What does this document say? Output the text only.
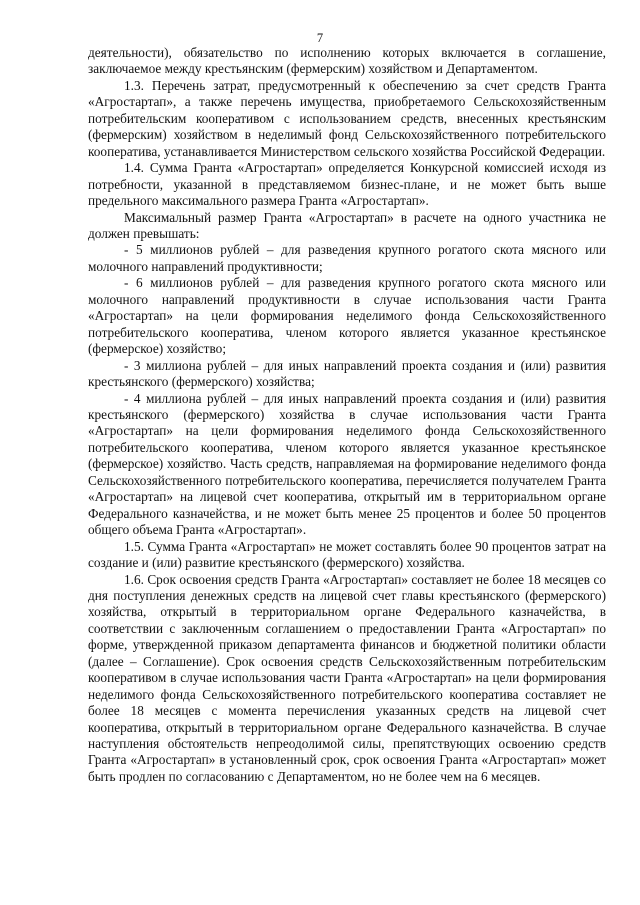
7

деятельности), обязательство по исполнению которых включается в соглашение, заключаемое между крестьянским (фермерским) хозяйством и Департаментом.

1.3. Перечень затрат, предусмотренный к обеспечению за счет средств Гранта «Агростартап», а также перечень имущества, приобретаемого Сельскохозяйственным потребительским кооперативом с использованием средств, внесенных крестьянским (фермерским) хозяйством в неделимый фонд Сельскохозяйственного потребительского кооператива, устанавливается Министерством сельского хозяйства Российской Федерации.

1.4. Сумма Гранта «Агростартап» определяется Конкурсной комиссией исходя из потребности, указанной в представляемом бизнес-плане, и не может быть выше предельного максимального размера Гранта «Агростартап».

Максимальный размер Гранта «Агростартап» в расчете на одного участника не должен превышать:

- 5 миллионов рублей – для разведения крупного рогатого скота мясного или молочного направлений продуктивности;

- 6 миллионов рублей – для разведения крупного рогатого скота мясного или молочного направлений продуктивности в случае использования части Гранта «Агростартап» на цели формирования неделимого фонда Сельскохозяйственного потребительского кооператива, членом которого является указанное крестьянское (фермерское) хозяйство;

- 3 миллиона рублей – для иных направлений проекта создания и (или) развития крестьянского (фермерского) хозяйства;

- 4 миллиона рублей – для иных направлений проекта создания и (или) развития крестьянского (фермерского) хозяйства в случае использования части Гранта «Агростартап» на цели формирования неделимого фонда Сельскохозяйственного потребительского кооператива, членом которого является указанное крестьянское (фермерское) хозяйство. Часть средств, направляемая на формирование неделимого фонда Сельскохозяйственного потребительского кооператива, перечисляется получателем Гранта «Агростартап» на лицевой счет кооператива, открытый им в территориальном органе Федерального казначейства, и не может быть менее 25 процентов и более 50 процентов общего объема Гранта «Агростартап».

1.5. Сумма Гранта «Агростартап» не может составлять более 90 процентов затрат на создание и (или) развитие крестьянского (фермерского) хозяйства.

1.6. Срок освоения средств Гранта «Агростартап» составляет не более 18 месяцев со дня поступления денежных средств на лицевой счет главы крестьянского (фермерского) хозяйства, открытый в территориальном органе Федерального казначейства, в соответствии с заключенным соглашением о предоставлении Гранта «Агростартап» по форме, утвержденной приказом департамента финансов и бюджетной политики области (далее – Соглашение). Срок освоения средств Сельскохозяйственным потребительским кооперативом в случае использования части Гранта «Агростартап» на цели формирования неделимого фонда Сельскохозяйственного потребительского кооператива составляет не более 18 месяцев с момента перечисления указанных средств на лицевой счет кооператива, открытый в территориальном органе Федерального казначейства. В случае наступления обстоятельств непреодолимой силы, препятствующих освоению средств Гранта «Агростартап» в установленный срок, срок освоения Гранта «Агростартап» может быть продлен по согласованию с Департаментом, но не более чем на 6 месяцев.
